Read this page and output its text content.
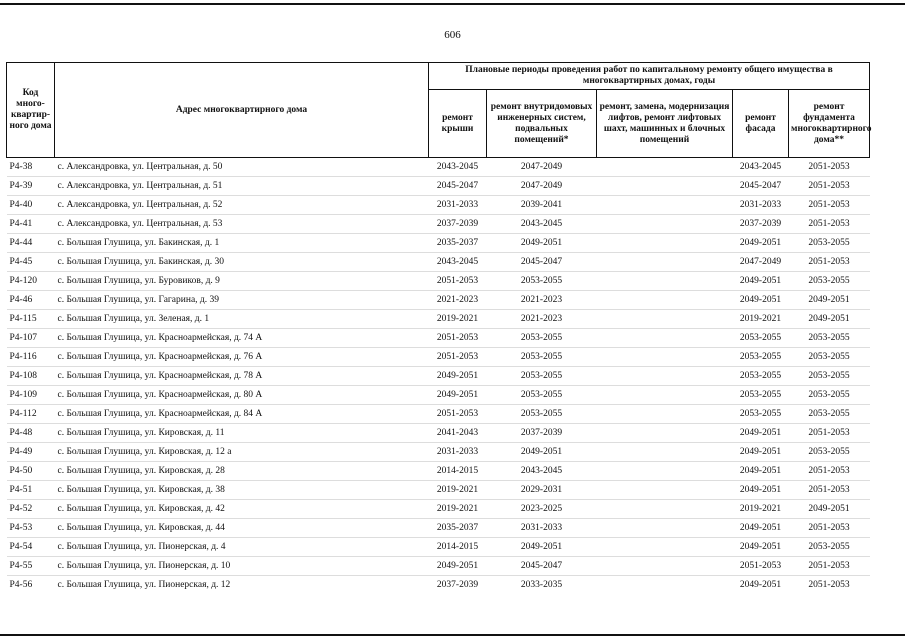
606
Код много-квартир-ного дома	Адрес многоквартирного дома	Плановые периоды проведения работ по капитальному ремонту общего имущества в многоквартирных домах, годы				
		ремонт крыши	ремонт внутридомовых инженерных систем, подвальных помещений*	ремонт, замена, модернизация лифтов, ремонт лифтовых шахт, машинных и блочных помещений	ремонт фасада	ремонт фундамента многоквартирного дома**
Р4-38	с. Александровка, ул. Центральная, д. 50	2043-2045	2047-2049		2043-2045	2051-2053
Р4-39	с. Александровка, ул. Центральная, д. 51	2045-2047	2047-2049		2045-2047	2051-2053
Р4-40	с. Александровка, ул. Центральная, д. 52	2031-2033	2039-2041		2031-2033	2051-2053
Р4-41	с. Александровка, ул. Центральная, д. 53	2037-2039	2043-2045		2037-2039	2051-2053
Р4-44	с. Большая Глушица, ул. Бакинская, д. 1	2035-2037	2049-2051		2049-2051	2053-2055
Р4-45	с. Большая Глушица, ул. Бакинская, д. 30	2043-2045	2045-2047		2047-2049	2051-2053
Р4-120	с. Большая Глушица, ул. Буровиков, д. 9	2051-2053	2053-2055		2049-2051	2053-2055
Р4-46	с. Большая Глушица, ул. Гагарина, д. 39	2021-2023	2021-2023		2049-2051	2049-2051
Р4-115	с. Большая Глушица, ул. Зеленая, д. 1	2019-2021	2021-2023		2019-2021	2049-2051
Р4-107	с. Большая Глушица, ул. Красноармейская, д. 74 А	2051-2053	2053-2055		2053-2055	2053-2055
Р4-116	с. Большая Глушица, ул. Красноармейская, д. 76 А	2051-2053	2053-2055		2053-2055	2053-2055
Р4-108	с. Большая Глушица, ул. Красноармейская, д. 78 А	2049-2051	2053-2055		2053-2055	2053-2055
Р4-109	с. Большая Глушица, ул. Красноармейская, д. 80 А	2049-2051	2053-2055		2053-2055	2053-2055
Р4-112	с. Большая Глушица, ул. Красноармейская, д. 84 А	2051-2053	2053-2055		2053-2055	2053-2055
Р4-48	с. Большая Глушица, ул. Кировская, д. 11	2041-2043	2037-2039		2049-2051	2051-2053
Р4-49	с. Большая Глушица, ул. Кировская, д. 12 а	2031-2033	2049-2051		2049-2051	2053-2055
Р4-50	с. Большая Глушица, ул. Кировская, д. 28	2014-2015	2043-2045		2049-2051	2051-2053
Р4-51	с. Большая Глушица, ул. Кировская, д. 38	2019-2021	2029-2031		2049-2051	2051-2053
Р4-52	с. Большая Глушица, ул. Кировская, д. 42	2019-2021	2023-2025		2019-2021	2049-2051
Р4-53	с. Большая Глушица, ул. Кировская, д. 44	2035-2037	2031-2033		2049-2051	2051-2053
Р4-54	с. Большая Глушица, ул. Пионерская, д. 4	2014-2015	2049-2051		2049-2051	2053-2055
Р4-55	с. Большая Глушица, ул. Пионерская, д. 10	2049-2051	2045-2047		2051-2053	2051-2053
Р4-56	с. Большая Глушица, ул. Пионерская, д. 12	2037-2039	2033-2035		2049-2051	2051-2053
